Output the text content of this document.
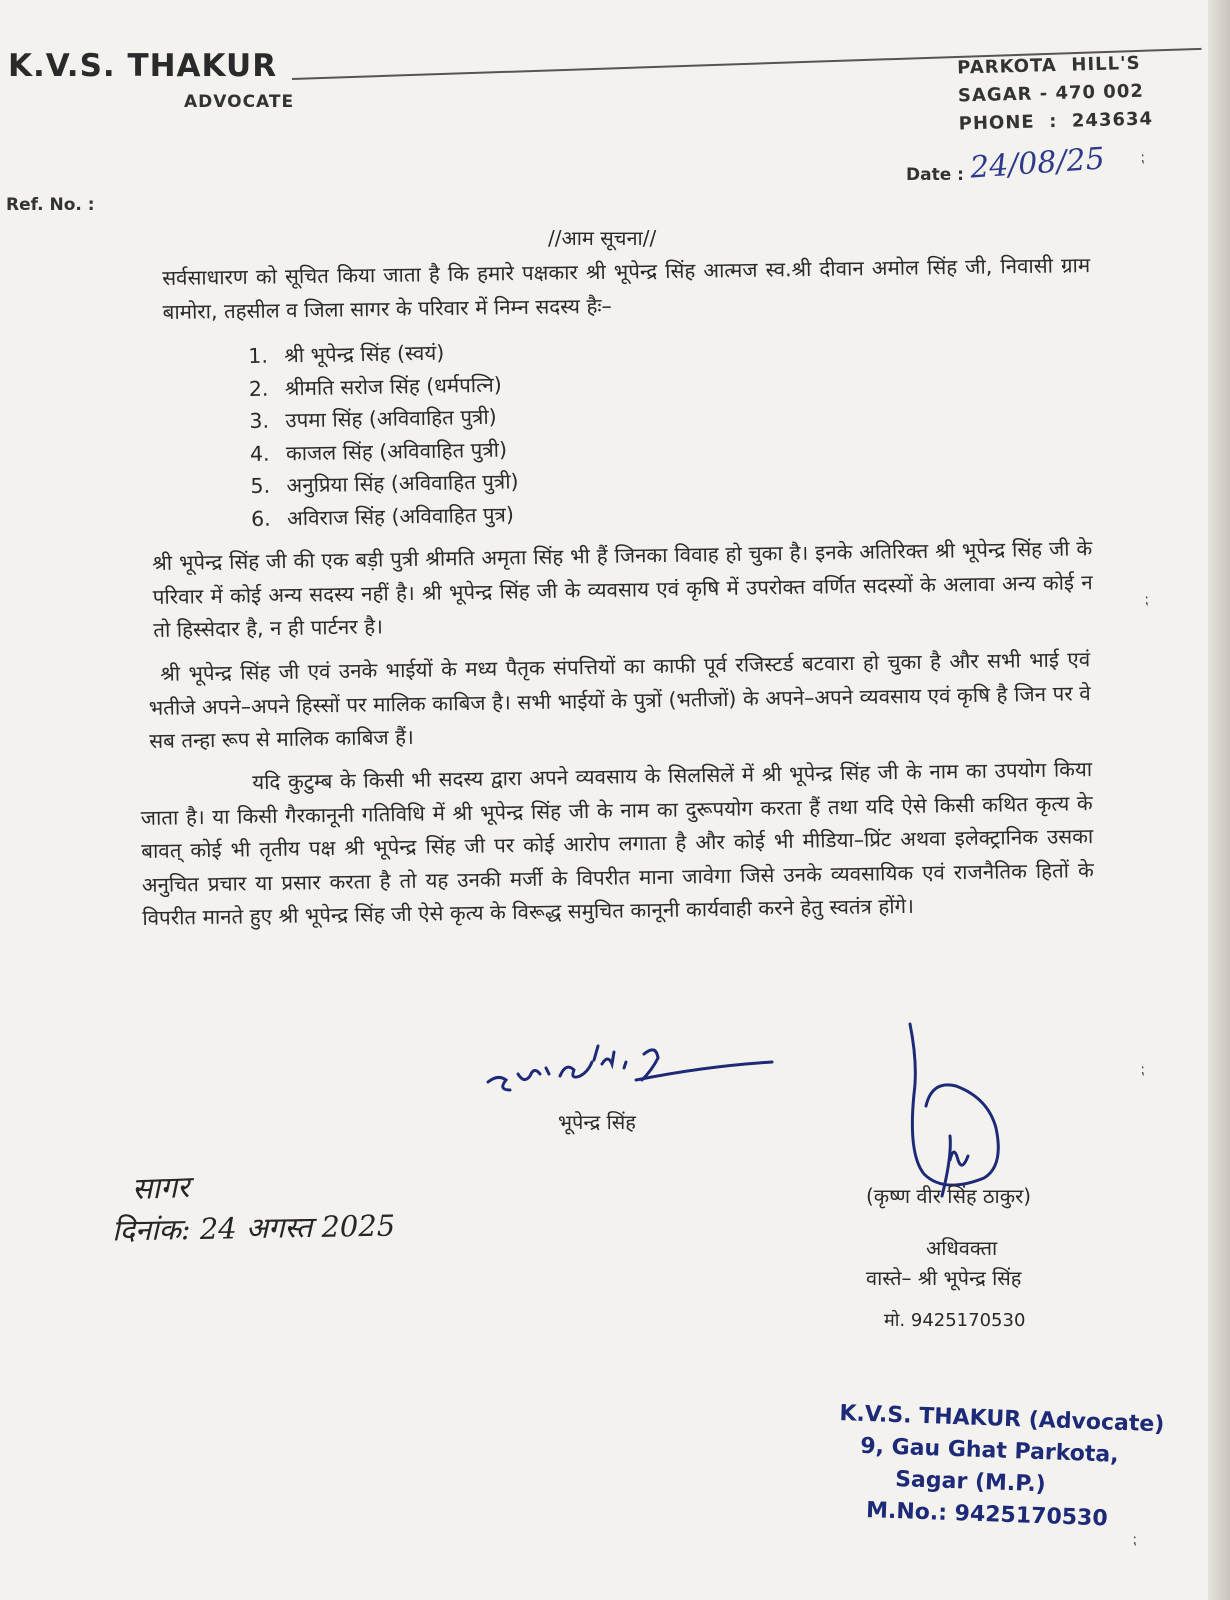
K.V.S. THAKUR
ADVOCATE
PARKOTA  HILL'S
SAGAR - 470 002
PHONE  :  243634
Date : 24/08/25
Ref. No. :
//आम सूचना//
सर्वसाधारण को सूचित किया जाता है कि हमारे पक्षकार श्री भूपेन्द्र सिंह आत्मज स्व.श्री दीवान अमोल सिंह जी, निवासी ग्राम बामोरा, तहसील व जिला सागर के परिवार में निम्न सदस्य हैः–
1. श्री भूपेन्द्र सिंह (स्वयं)
2. श्रीमति सरोज सिंह (धर्मपत्नि)
3. उपमा सिंह (अविवाहित पुत्री)
4. काजल सिंह (अविवाहित पुत्री)
5. अनुप्रिया सिंह (अविवाहित पुत्री)
6. अविराज सिंह (अविवाहित पुत्र)
श्री भूपेन्द्र सिंह जी की एक बड़ी पुत्री श्रीमति अमृता सिंह भी हैं जिनका विवाह हो चुका है। इनके अतिरिक्त श्री भूपेन्द्र सिंह जी के परिवार में कोई अन्य सदस्य नहीं है। श्री भूपेन्द्र सिंह जी के व्यवसाय एवं कृषि में उपरोक्त वर्णित सदस्यों के अलावा अन्य कोई न तो हिस्सेदार है, न ही पार्टनर है।
श्री भूपेन्द्र सिंह जी एवं उनके भाईयों के मध्य पैतृक संपत्तियों का काफी पूर्व रजिस्टर्ड बटवारा हो चुका है और सभी भाई एवं भतीजे अपने–अपने हिस्सों पर मालिक काबिज है। सभी भाईयों के पुत्रों (भतीजों) के अपने–अपने व्यवसाय एवं कृषि है जिन पर वे सब तन्हा रूप से मालिक काबिज हैं।
यदि कुटुम्ब के किसी भी सदस्य द्वारा अपने व्यवसाय के सिलसिलें में श्री भूपेन्द्र सिंह जी के नाम का उपयोग किया जाता है। या किसी गैरकानूनी गतिविधि में श्री भूपेन्द्र सिंह जी के नाम का दुरूपयोग करता हैं तथा यदि ऐसे किसी कथित कृत्य के बावत् कोई भी तृतीय पक्ष श्री भूपेन्द्र सिंह जी पर कोई आरोप लगाता है और कोई भी मीडिया–प्रिंट अथवा इलेक्ट्रानिक उसका अनुचित प्रचार या प्रसार करता है तो यह उनकी मर्जी के विपरीत माना जावेगा जिसे उनके व्यवसायिक एवं राजनैतिक हितों के विपरीत मानते हुए श्री भूपेन्द्र सिंह जी ऐसे कृत्य के विरूद्ध समुचित कानूनी कार्यवाही करने हेतु स्वतंत्र होंगे।
भूपेन्द्र सिंह
सागर
दिनांक: 24 अगस्त 2025
(कृष्ण वीर सिंह ठाकुर)
अधिवक्ता
वास्ते– श्री भूपेन्द्र सिंह
मो. 9425170530
K.V.S. THAKUR (Advocate)
9, Gau Ghat Parkota,
Sagar (M.P.)
M.No.: 9425170530
⁏
⁏
⁏
⁏
